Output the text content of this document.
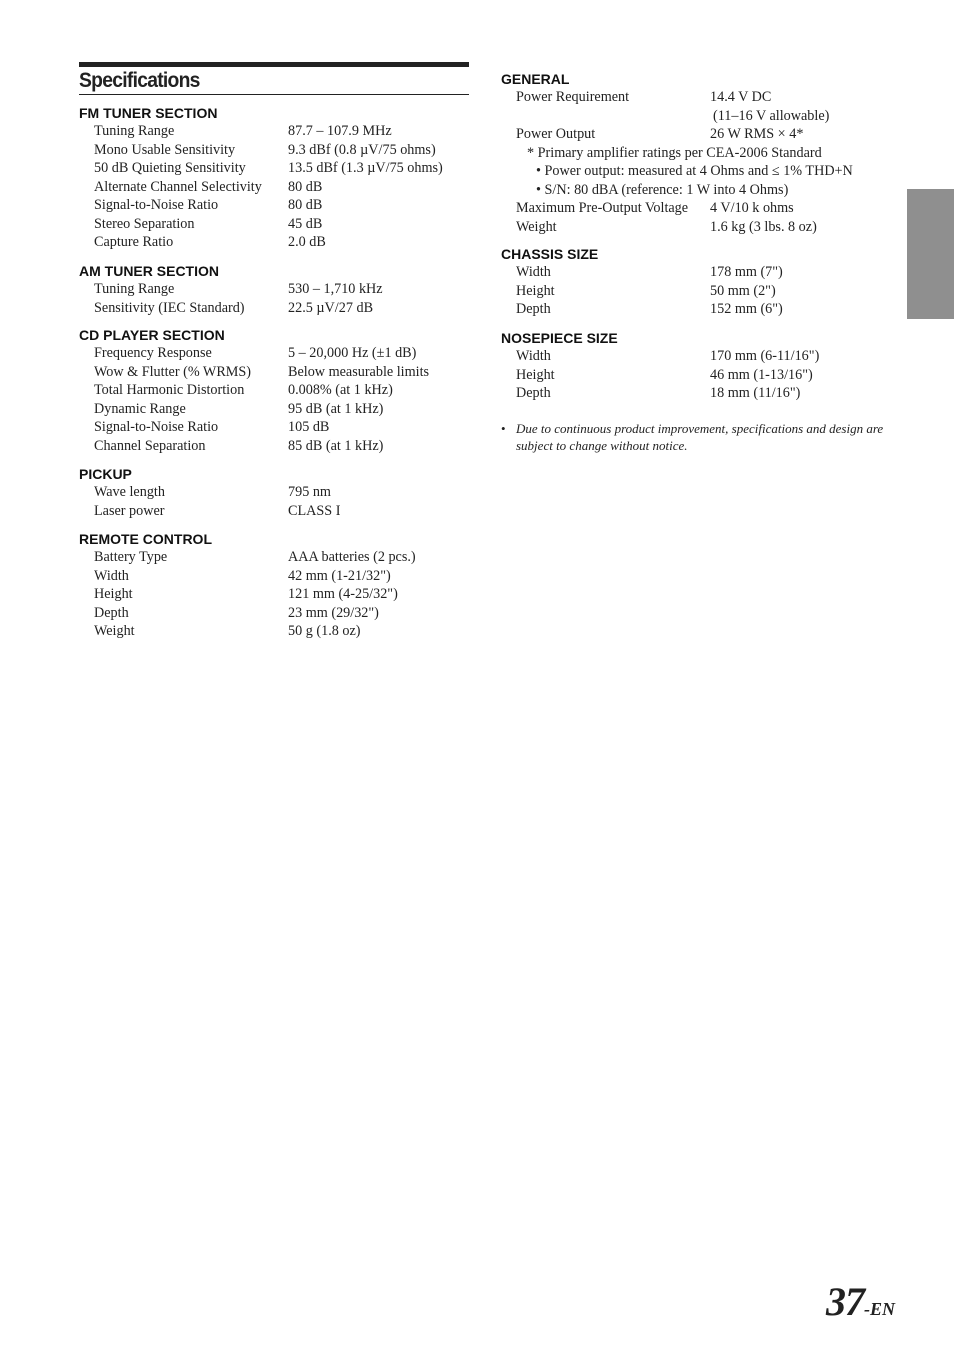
Specifications
FM TUNER SECTION
Tuning Range	87.7 – 107.9 MHz
Mono Usable Sensitivity	9.3 dBf (0.8 µV/75 ohms)
50 dB Quieting Sensitivity	13.5 dBf (1.3 µV/75 ohms)
Alternate Channel Selectivity	80 dB
Signal-to-Noise Ratio	80 dB
Stereo Separation	45 dB
Capture Ratio	2.0 dB
AM TUNER SECTION
Tuning Range	530 – 1,710 kHz
Sensitivity (IEC Standard)	22.5 µV/27 dB
CD PLAYER SECTION
Frequency Response	5 – 20,000 Hz (±1 dB)
Wow & Flutter (% WRMS)	Below measurable limits
Total Harmonic Distortion	0.008% (at 1 kHz)
Dynamic Range	95 dB (at 1 kHz)
Signal-to-Noise Ratio	105 dB
Channel Separation	85 dB (at 1 kHz)
PICKUP
Wave length	795 nm
Laser power	CLASS I
REMOTE CONTROL
Battery Type	AAA batteries (2 pcs.)
Width	42 mm (1-21/32")
Height	121 mm (4-25/32")
Depth	23 mm (29/32")
Weight	50 g (1.8 oz)
GENERAL
Power Requirement	14.4 V DC
(11–16 V allowable)
Power Output	26 W RMS × 4*
* Primary amplifier ratings per CEA-2006 Standard
• Power output: measured at 4 Ohms and ≤ 1% THD+N
• S/N: 80 dBA (reference: 1 W into 4 Ohms)
Maximum Pre-Output Voltage	4 V/10 k ohms
Weight	1.6 kg (3 lbs. 8 oz)
CHASSIS SIZE
Width	178 mm (7")
Height	50 mm (2")
Depth	152 mm (6")
NOSEPIECE SIZE
Width	170 mm (6-11/16")
Height	46 mm (1-13/16")
Depth	18 mm (11/16")
• Due to continuous product improvement, specifications and design are subject to change without notice.
37-EN
